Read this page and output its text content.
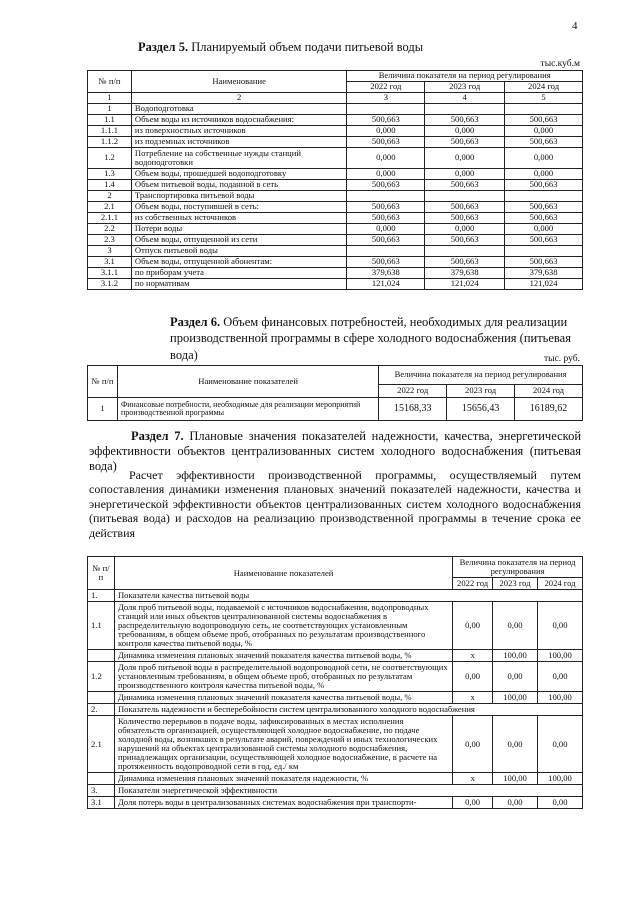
4
Раздел 5. Планируемый объем подачи питьевой воды
тыс.куб.м
№ п/п	Наименование	Величина показателя на период регулирования		
		2022 год	2023 год	2024 год
1	2	3	4	5
1	Водоподготовка			
1.1	Объем воды из источников водоснабжения:	500,663	500,663	500,663
1.1.1	из поверхностных источников	0,000	0,000	0,000
1.1.2	из подземных источников	500,663	500,663	500,663
1.2	Потребление на собственные нужды станций водоподготовки	0,000	0,000	0,000
1.3	Объем воды, прошедшей водоподготовку	0,000	0,000	0,000
1.4	Объем питьевой воды, поданной в сеть	500,663	500,663	500,663
2	Транспортировка питьевой воды			
2.1	Объем воды, поступившей в сеть:	500,663	500,663	500,663
2.1.1	из собственных источников	500,663	500,663	500,663
2.2	Потери воды	0,000	0,000	0,000
2.3	Объем воды, отпущенной из сети	500,663	500,663	500,663
3	Отпуск питьевой воды			
3.1	Объем воды, отпущенной абонентам:	500,663	500,663	500,663
3.1.1	по приборам учета	379,638	379,638	379,638
3.1.2	по нормативам	121,024	121,024	121,024
Раздел 6. Объем финансовых потребностей, необходимых для реализации производственной программы в сфере холодного водоснабжения (питьевая вода)	тыс. руб.
№ п/п	Наименование показателей	Величина показателя на период регулирования		
		2022 год	2023 год	2024 год
1	Финансовые потребности, необходимые для реализации мероприятий производственной программы	15168,33	15656,43	16189,62
Раздел 7. Плановые значения показателей надежности, качества, энергетической эффективности объектов централизованных систем холодного водоснабжения (питьевая вода)
Расчет эффективности производственной программы, осуществляемый путем сопоставления динамики изменения плановых значений показателей надежности, качества и энергетической эффективности объектов централизованных систем холодного водоснабжения (питьевая вода) и расходов на реализацию производственной программы в течение срока ее действия
№ п/п	Наименование показателей	Величина показателя на период регулирования		
		2022 год	2023 год	2024 год
1.	Показатели качества питьевой воды			
1.1	Доля проб питьевой воды, подаваемой с источников водоснабжения, водопроводных станций или иных объектов централизованной системы водоснабжения в распределительную водопроводную сеть, не соответствующих установленным требованиям, в общем объеме проб, отобранных по результатам производственного контроля качества питьевой воды, %	0,00	0,00	0,00
	Динамика изменения плановых значений показателя качества питьевой воды, %	х	100,00	100,00
1.2	Доля проб питьевой воды в распределительной водопроводной сети, не соответствующих установленным требованиям, в общем объеме проб, отобранных по результатам производственного контроля качества питьевой воды, %	0,00	0,00	0,00
	Динамика изменения плановых значений показателя качества питьевой воды, %	х	100,00	100,00
2.	Показатель надежности и бесперебойности систем централизованного холодного водоснабжения			
2.1	Количество перерывов в подаче воды, зафиксированных в местах исполнения обязательств организацией, осуществляющей холодное водоснабжение, по подаче холодной воды, возникших в результате аварий, повреждений и иных технологических нарушений на объектах централизованной системы холодного водоснабжения, принадлежащих организации, осуществляющей холодное водоснабжение, в расчете на протяженность водопроводной сети в год, ед./ км	0,00	0,00	0,00
	Динамика изменения плановых значений показателя надежности, %	х	100,00	100,00
3.	Показатели энергетической эффективности			
3.1	Доля потерь воды в централизованных системах водоснабжения при транспорти-	0,00	0,00	0,00
